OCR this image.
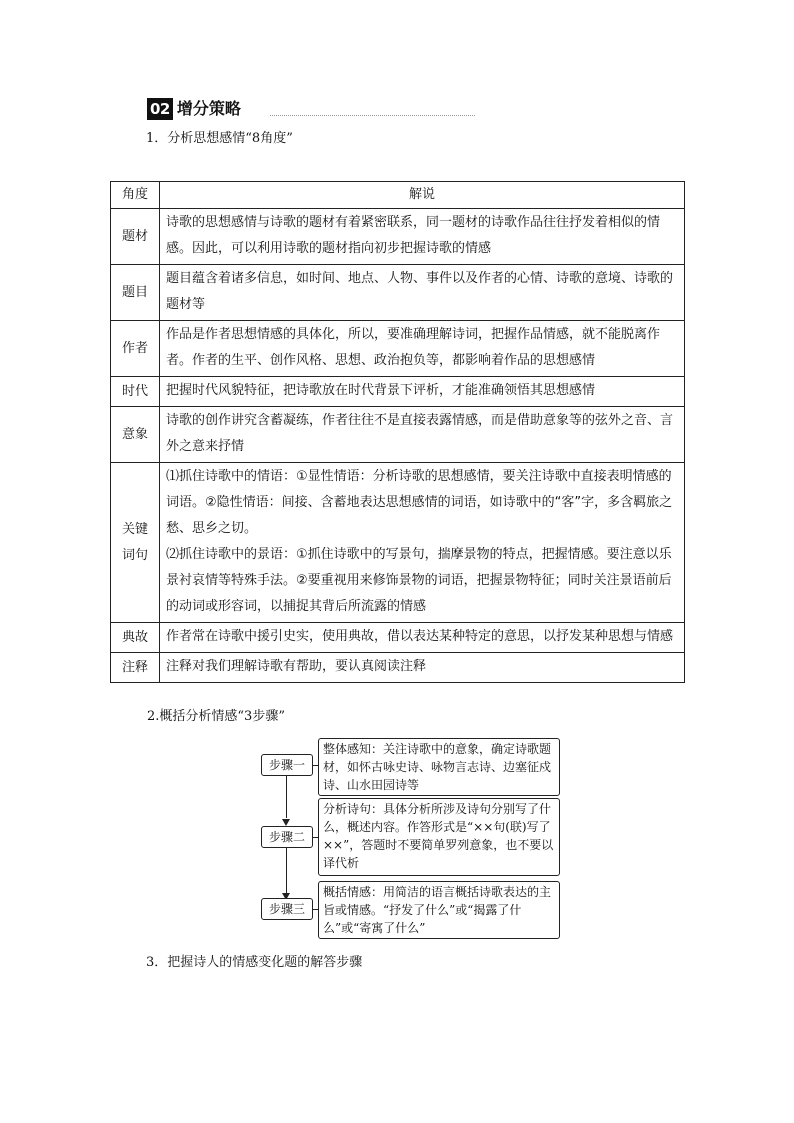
02 增分策略
1．分析思想感情“8角度”
角度	解说
题材	诗歌的思想感情与诗歌的题材有着紧密联系，同一题材的诗歌作品往往抒发着相似的情感。因此，可以利用诗歌的题材指向初步把握诗歌的情感

题目	题目蕴含着诸多信息，如时间、地点、人物、事件以及作者的心情、诗歌的意境、诗歌的题材等

作者	作品是作者思想情感的具体化，所以，要准确理解诗词，把握作品情感，就不能脱离作者。作者的生平、创作风格、思想、政治抱负等，都影响着作品的思想感情

时代	把握时代风貌特征，把诗歌放在时代背景下评析，才能准确领悟其思想感情

意象	诗歌的创作讲究含蓄凝练，作者往往不是直接表露情感，而是借助意象等的弦外之音、言外之意来抒情

关键词句	⑴抓住诗歌中的情语：①显性情语：分析诗歌的思想感情，要关注诗歌中直接表明情感的词语。②隐性情语：间接、含蓄地表达思想感情的词语，如诗歌中的“客”字，多含羁旅之愁、思乡之切。
⑵抓住诗歌中的景语：①抓住诗歌中的写景句，揣摩景物的特点，把握情感。要注意以乐景衬哀情等特殊手法。②要重视用来修饰景物的词语，把握景物特征；同时关注景语前后的动词或形容词，以捕捉其背后所流露的情感

典故	作者常在诗歌中援引史实，使用典故，借以表达某种特定的意思，以抒发某种思想与情感

注释	注释对我们理解诗歌有帮助，要认真阅读注释
2.概括分析情感“3步骤”
步骤一
步骤二
步骤三
整体感知：关注诗歌中的意象，确定诗歌题材，如怀古咏史诗、咏物言志诗、边塞征戍诗、山水田园诗等
分析诗句：具体分析所涉及诗句分别写了什么，概述内容。作答形式是“××句(联)写了××”，答题时不要简单罗列意象，也不要以译代析
概括情感：用简洁的语言概括诗歌表达的主旨或情感。“抒发了什么”或“揭露了什么”或“寄寓了什么”
3．把握诗人的情感变化题的解答步骤
